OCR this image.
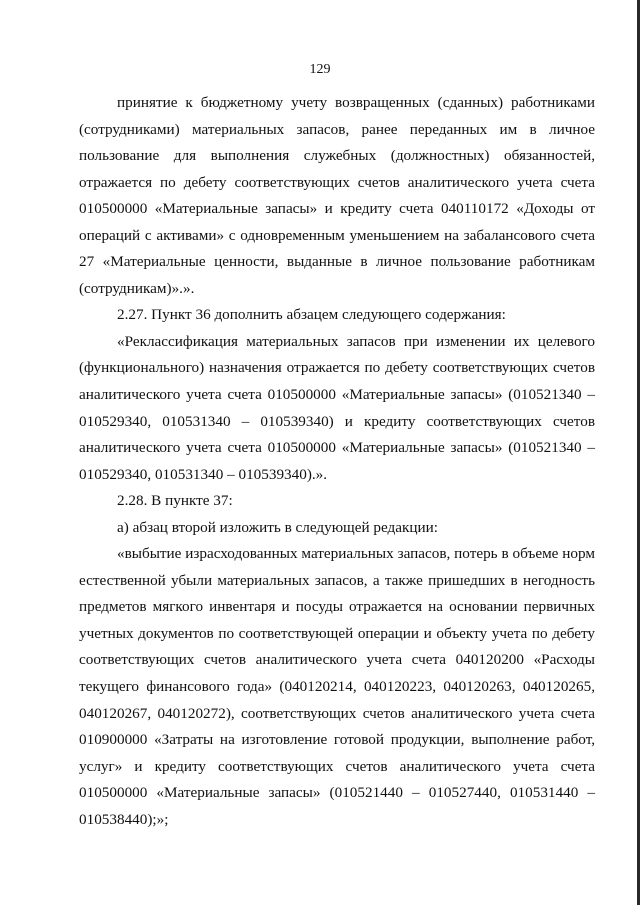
129
принятие к бюджетному учету возвращенных (сданных) работниками
(сотрудниками) материальных запасов, ранее переданных им в личное
пользование для выполнения служебных (должностных) обязанностей,
отражается по дебету соответствующих счетов аналитического учета счета
010500000 «Материальные запасы» и кредиту счета 040110172 «Доходы от
операций с активами» с одновременным уменьшением на забалансового счета
27 «Материальные ценности, выданные в личное пользование работникам
(сотрудникам)».».
2.27. Пункт 36 дополнить абзацем следующего содержания:
«Реклассификация материальных запасов при изменении их целевого
(функционального) назначения отражается по дебету соответствующих счетов
аналитического учета счета 010500000 «Материальные запасы» (010521340 –
010529340, 010531340 – 010539340) и кредиту соответствующих счетов
аналитического учета счета 010500000 «Материальные запасы» (010521340 –
010529340, 010531340 – 010539340).».
2.28. В пункте 37:
а) абзац второй изложить в следующей редакции:
«выбытие израсходованных материальных запасов, потерь в объеме норм
естественной убыли материальных запасов, а также пришедших в негодность
предметов мягкого инвентаря и посуды отражается на основании первичных
учетных документов по соответствующей операции и объекту учета по дебету
соответствующих счетов аналитического учета счета 040120200 «Расходы
текущего финансового года» (040120214, 040120223, 040120263, 040120265,
040120267, 040120272), соответствующих счетов аналитического учета счета
010900000 «Затраты на изготовление готовой продукции, выполнение работ,
услуг» и кредиту соответствующих счетов аналитического учета счета
010500000 «Материальные запасы» (010521440 – 010527440, 010531440 –
010538440);»;
